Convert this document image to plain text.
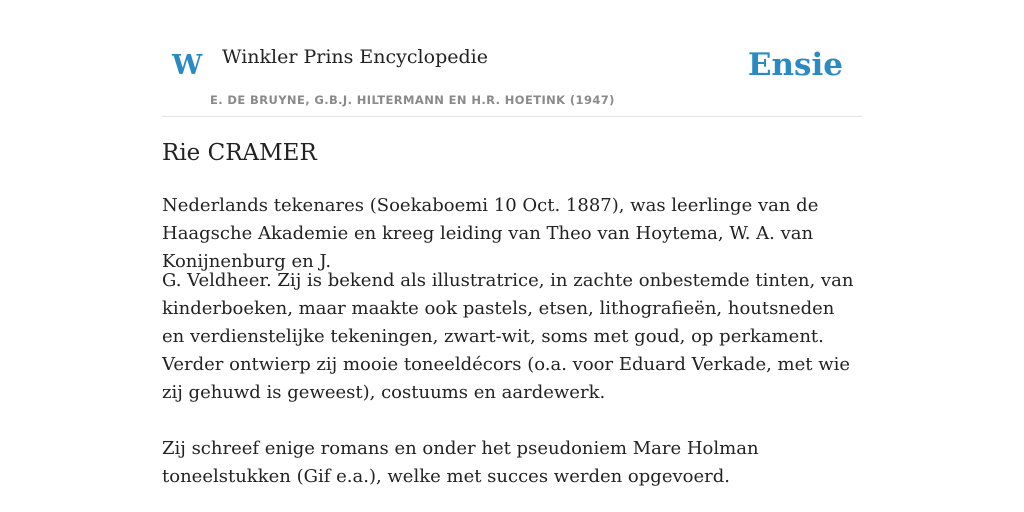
W Winkler Prins Encyclopedie
E. DE BRUYNE, G.B.J. HILTERMANN EN H.R. HOETINK (1947)
Ensie
Rie CRAMER

Nederlands tekenares (Soekaboemi 10 Oct. 1887), was leerlinge van de Haagsche Akademie en kreeg leiding van Theo van Hoytema, W. A. van Konijnenburg en J.

G. Veldheer. Zij is bekend als illustratrice, in zachte onbestemde tinten, van kinderboeken, maar maakte ook pastels, etsen, lithografieën, houtsneden en verdienstelijke tekeningen, zwart-wit, soms met goud, op perkament. Verder ontwierp zij mooie toneeldécors (o.a. voor Eduard Verkade, met wie zij gehuwd is geweest), costuums en aardewerk.

Zij schreef enige romans en onder het pseudoniem Mare Holman toneelstukken (Gif e.a.), welke met succes werden opgevoerd.
